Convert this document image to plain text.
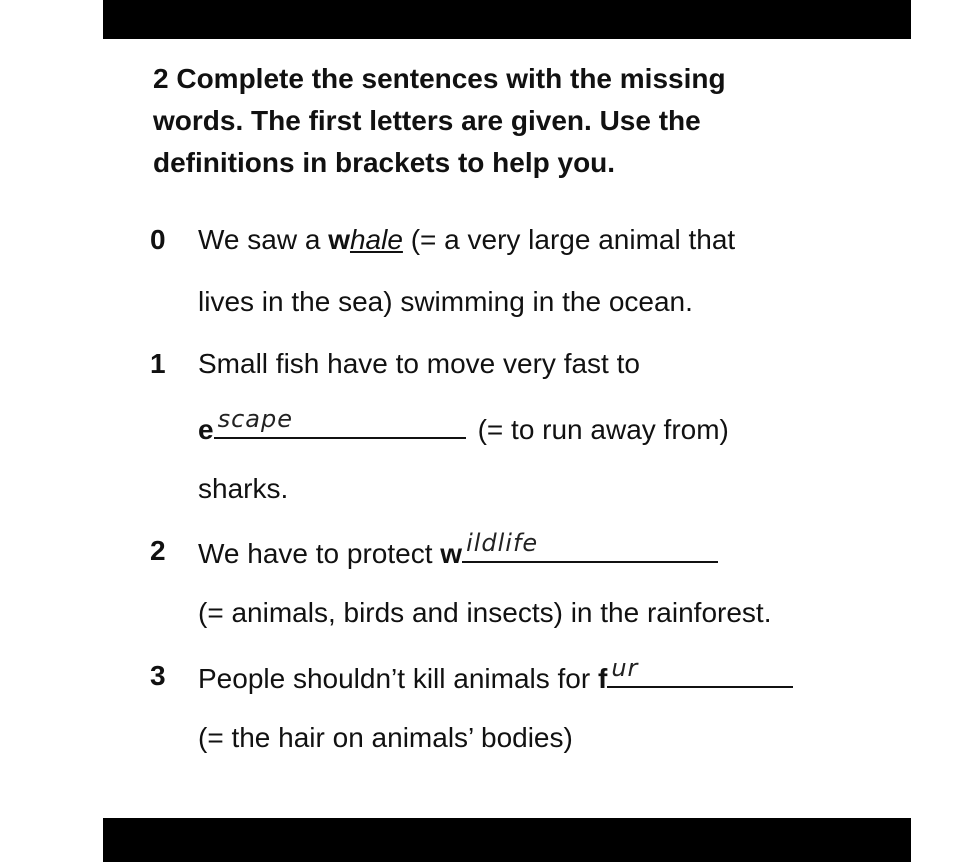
2 Complete the sentences with the missing words. The first letters are given. Use the definitions in brackets to help you.
0	We saw a whale (= a very large animal that
lives in the sea) swimming in the ocean.
1	Small fish have to move very fast to
e scape	(= to run away from)
sharks.
2	We have to protect w ildlife
(= animals, birds and insects) in the rainforest.
3	People shouldn’t kill animals for f ur
(= the hair on animals’ bodies)
